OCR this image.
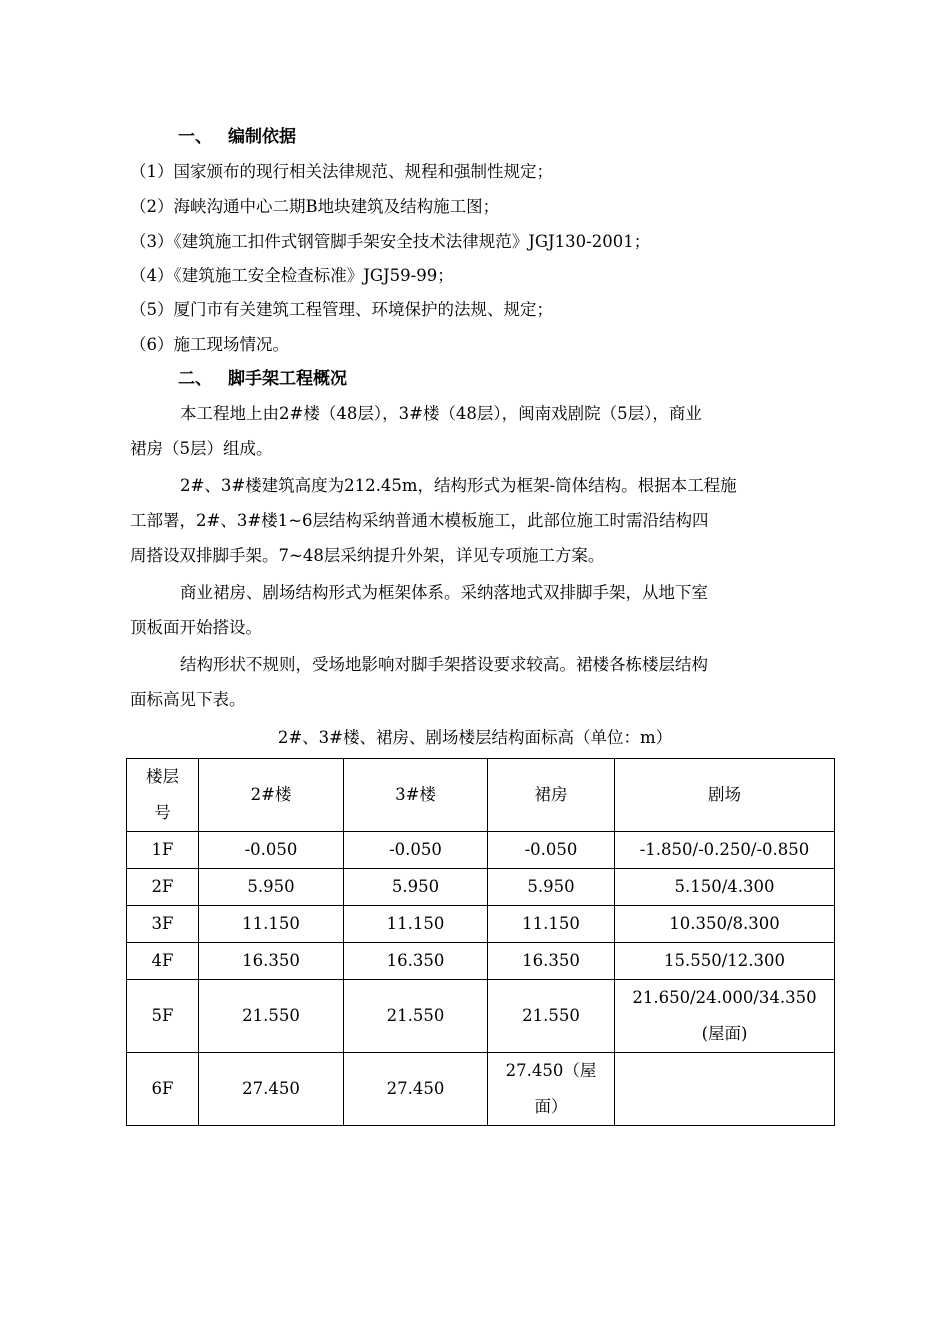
一、 编制依据
（1）国家颁布的现行相关法律规范、规程和强制性规定；
（2）海峡沟通中心二期B地块建筑及结构施工图；
（3）《建筑施工扣件式钢管脚手架安全技术法律规范》JGJ130-2001；
（4）《建筑施工安全检查标准》JGJ59-99；
（5）厦门市有关建筑工程管理、环境保护的法规、规定；
（6）施工现场情况。
二、 脚手架工程概况
本工程地上由2#楼（48层），3#楼（48层），闽南戏剧院（5层），商业
裙房（5层）组成。
2#、3#楼建筑高度为212.45m，结构形式为框架-筒体结构。根据本工程施
工部署，2#、3#楼1~6层结构采纳普通木模板施工，此部位施工时需沿结构四
周搭设双排脚手架。7~48层采纳提升外架，详见专项施工方案。
商业裙房、剧场结构形式为框架体系。采纳落地式双排脚手架，从地下室
顶板面开始搭设。
结构形状不规则，受场地影响对脚手架搭设要求较高。裙楼各栋楼层结构
面标高见下表。
2#、3#楼、裙房、剧场楼层结构面标高（单位：m）
楼层
号	2#楼	3#楼	裙房	剧场
1F	-0.050	-0.050	-0.050	-1.850/-0.250/-0.850
2F	5.950	5.950	5.950	5.150/4.300
3F	11.150	11.150	11.150	10.350/8.300
4F	16.350	16.350	16.350	15.550/12.300
5F	21.550	21.550	21.550	21.650/24.000/34.350
(屋面)

6F	27.450	27.450	27.450（屋
面）	
